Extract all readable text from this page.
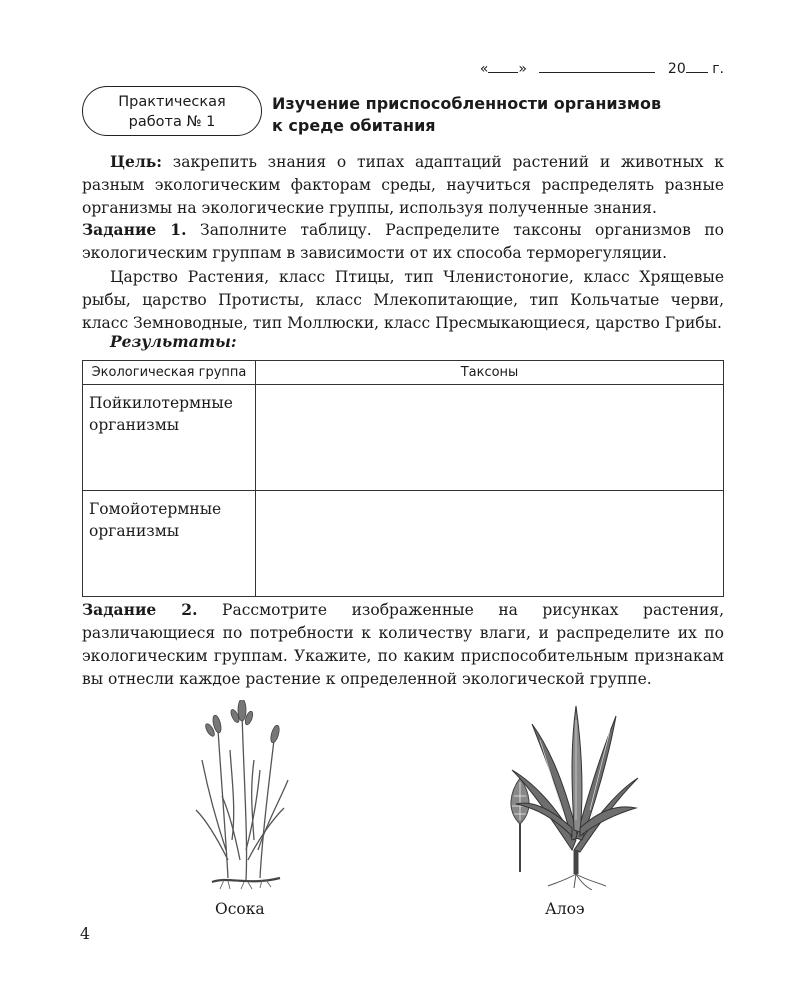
« »	20 г.
Практическая
работа № 1
Изучение приспособленности организмов
к среде обитания
Цель: закрепить знания о типах адаптаций растений и животных к разным экологическим факторам среды, научиться распределять разные организмы на экологические группы, используя полученные знания.
Задание 1. Заполните таблицу. Распределите таксоны организмов по экологическим группам в зависимости от их способа терморегуляции.
Царство Растения, класс Птицы, тип Членистоногие, класс Хрящевые рыбы, царство Протисты, класс Млекопитающие, тип Кольчатые черви, класс Земноводные, тип Моллюски, класс Пресмыкающиеся, царство Грибы.
Результаты:
Экологическая группа	Таксоны
Пойкилотермные организмы	
Гомойотермные организмы	
Задание 2. Рассмотрите изображенные на рисунках растения, различающиеся по потребности к количеству влаги, и распределите их по экологическим группам. Укажите, по каким приспособительным признакам вы отнесли каждое растение к определенной экологической группе.
Осока	Алоэ
4
